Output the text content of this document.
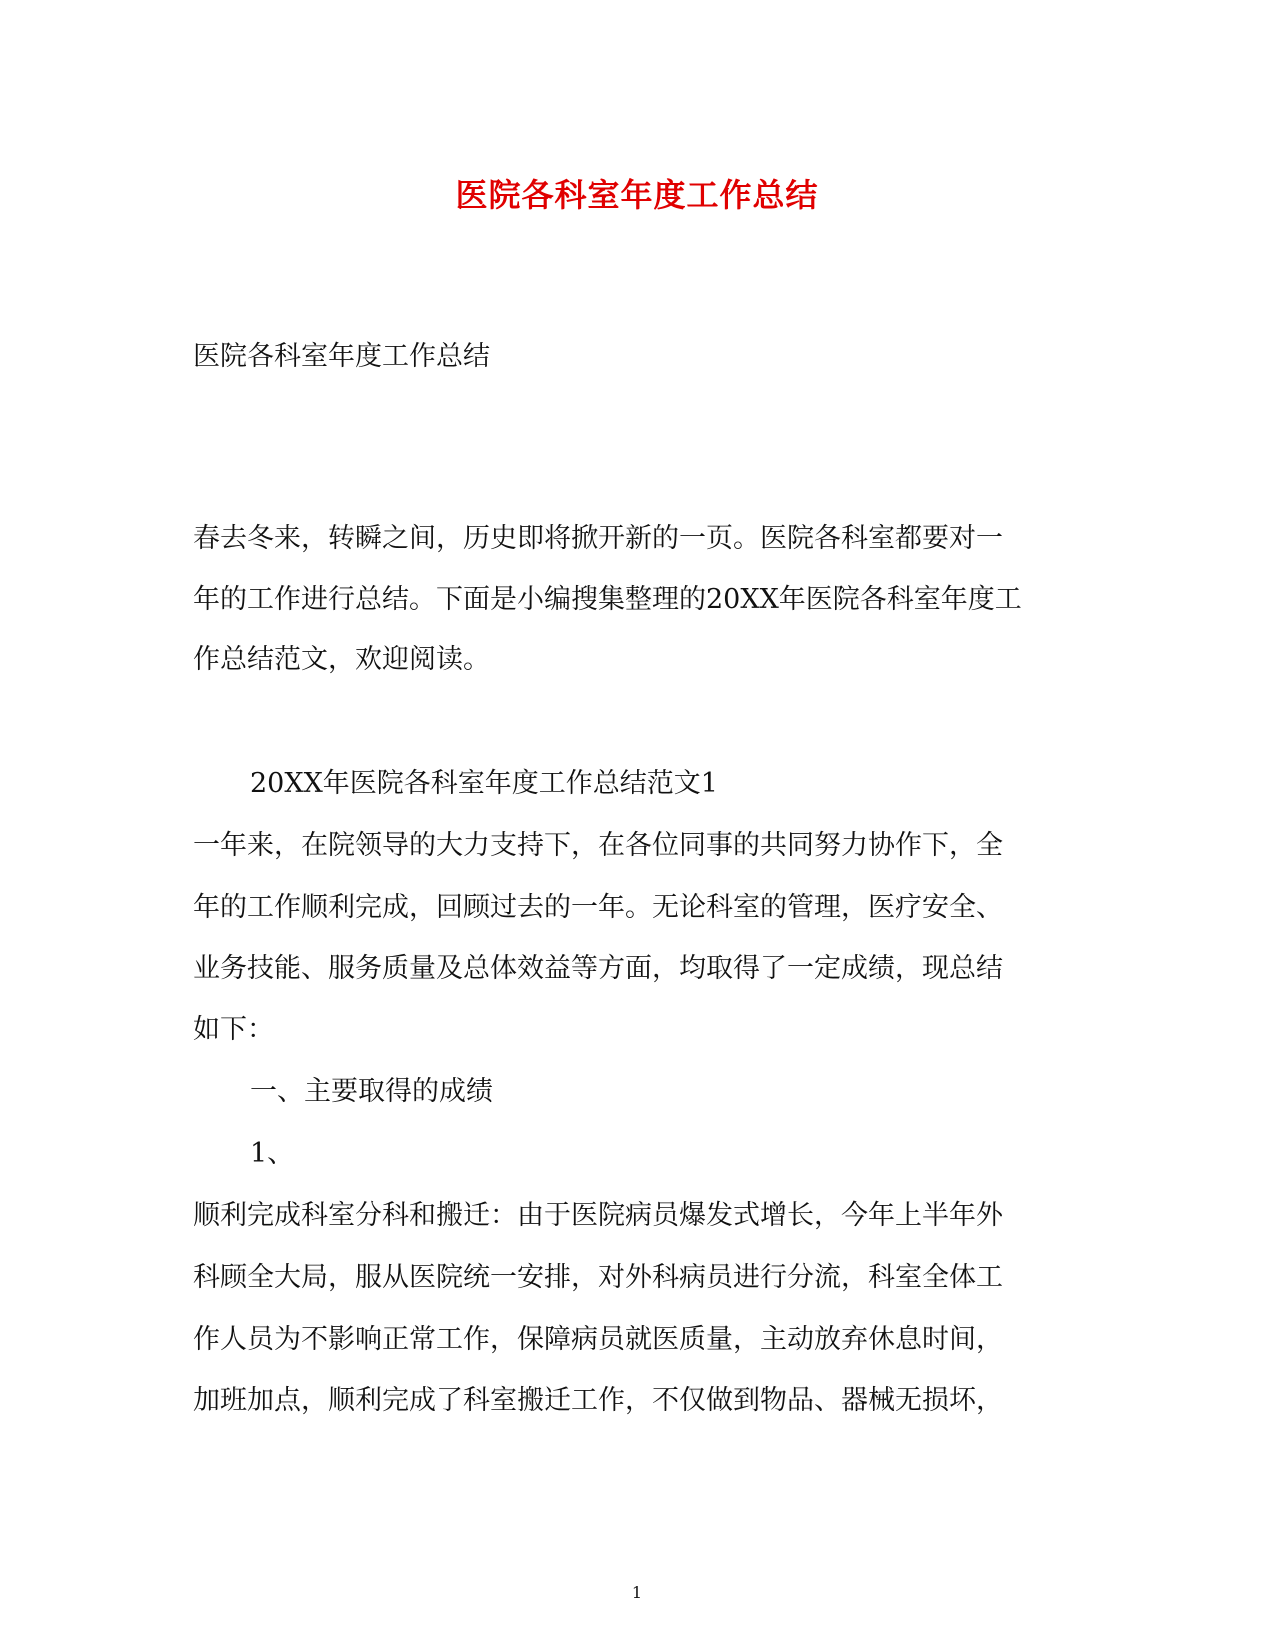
医院各科室年度工作总结
医院各科室年度工作总结
春去冬来，转瞬之间，历史即将掀开新的一页。医院各科室都要对一
年的工作进行总结。下面是小编搜集整理的20XX年医院各科室年度工
作总结范文，欢迎阅读。
20XX年医院各科室年度工作总结范文1
一年来，在院领导的大力支持下，在各位同事的共同努力协作下，全
年的工作顺利完成，回顾过去的一年。无论科室的管理，医疗安全、
业务技能、服务质量及总体效益等方面，均取得了一定成绩，现总结
如下：
一、主要取得的成绩
1、
顺利完成科室分科和搬迁：由于医院病员爆发式增长，今年上半年外
科顾全大局，服从医院统一安排，对外科病员进行分流，科室全体工
作人员为不影响正常工作，保障病员就医质量，主动放弃休息时间，
加班加点，顺利完成了科室搬迁工作，不仅做到物品、器械无损坏，
1
